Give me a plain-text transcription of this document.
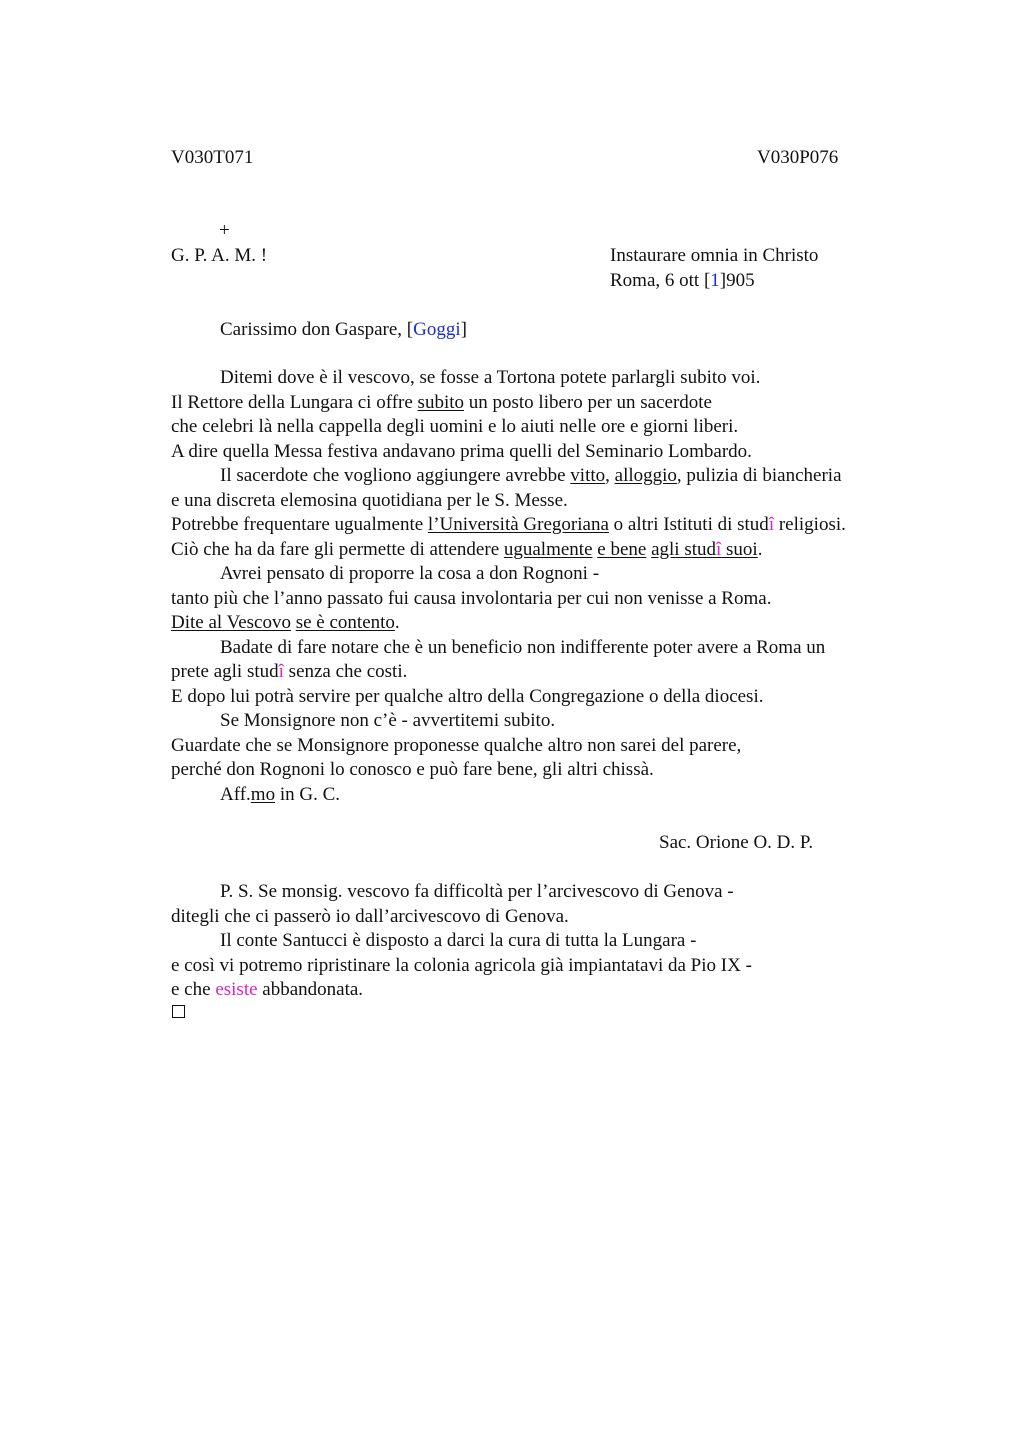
V030T071	V030P076
+
G. P. A. M. !	Instaurare omnia in Christo
Roma, 6 ott [1]905
Carissimo don Gaspare, [Goggi]
Ditemi dove è il vescovo, se fosse a Tortona potete parlargli subito voi.
Il Rettore della Lungara ci offre subito un posto libero per un sacerdote
che celebri là nella cappella degli uomini e lo aiuti nelle ore e giorni liberi.
A dire quella Messa festiva andavano prima quelli del Seminario Lombardo.
Il sacerdote che vogliono aggiungere avrebbe vitto, alloggio, pulizia di biancheria
e una discreta elemosina quotidiana per le S. Messe.
Potrebbe frequentare ugualmente l’Università Gregoriana o altri Istituti di studî religiosi.
Ciò che ha da fare gli permette di attendere ugualmente e bene agli studî suoi.
Avrei pensato di proporre la cosa a don Rognoni -
tanto più che l’anno passato fui causa involontaria per cui non venisse a Roma.
Dite al Vescovo se è contento.
Badate di fare notare che è un beneficio non indifferente poter avere a Roma un
prete agli studî senza che costi.
E dopo lui potrà servire per qualche altro della Congregazione o della diocesi.
Se Monsignore non c’è - avvertitemi subito.
Guardate che se Monsignore proponesse qualche altro non sarei del parere,
perché don Rognoni lo conosco e può fare bene, gli altri chissà.
Aff.mo in G. C.
Sac. Orione O. D. P.
P. S. Se monsig. vescovo fa difficoltà per l’arcivescovo di Genova -
ditegli che ci passerò io dall’arcivescovo di Genova.
Il conte Santucci è disposto a darci la cura di tutta la Lungara -
e così vi potremo ripristinare la colonia agricola già impiantatavi da Pio IX -
e che esiste abbandonata.
